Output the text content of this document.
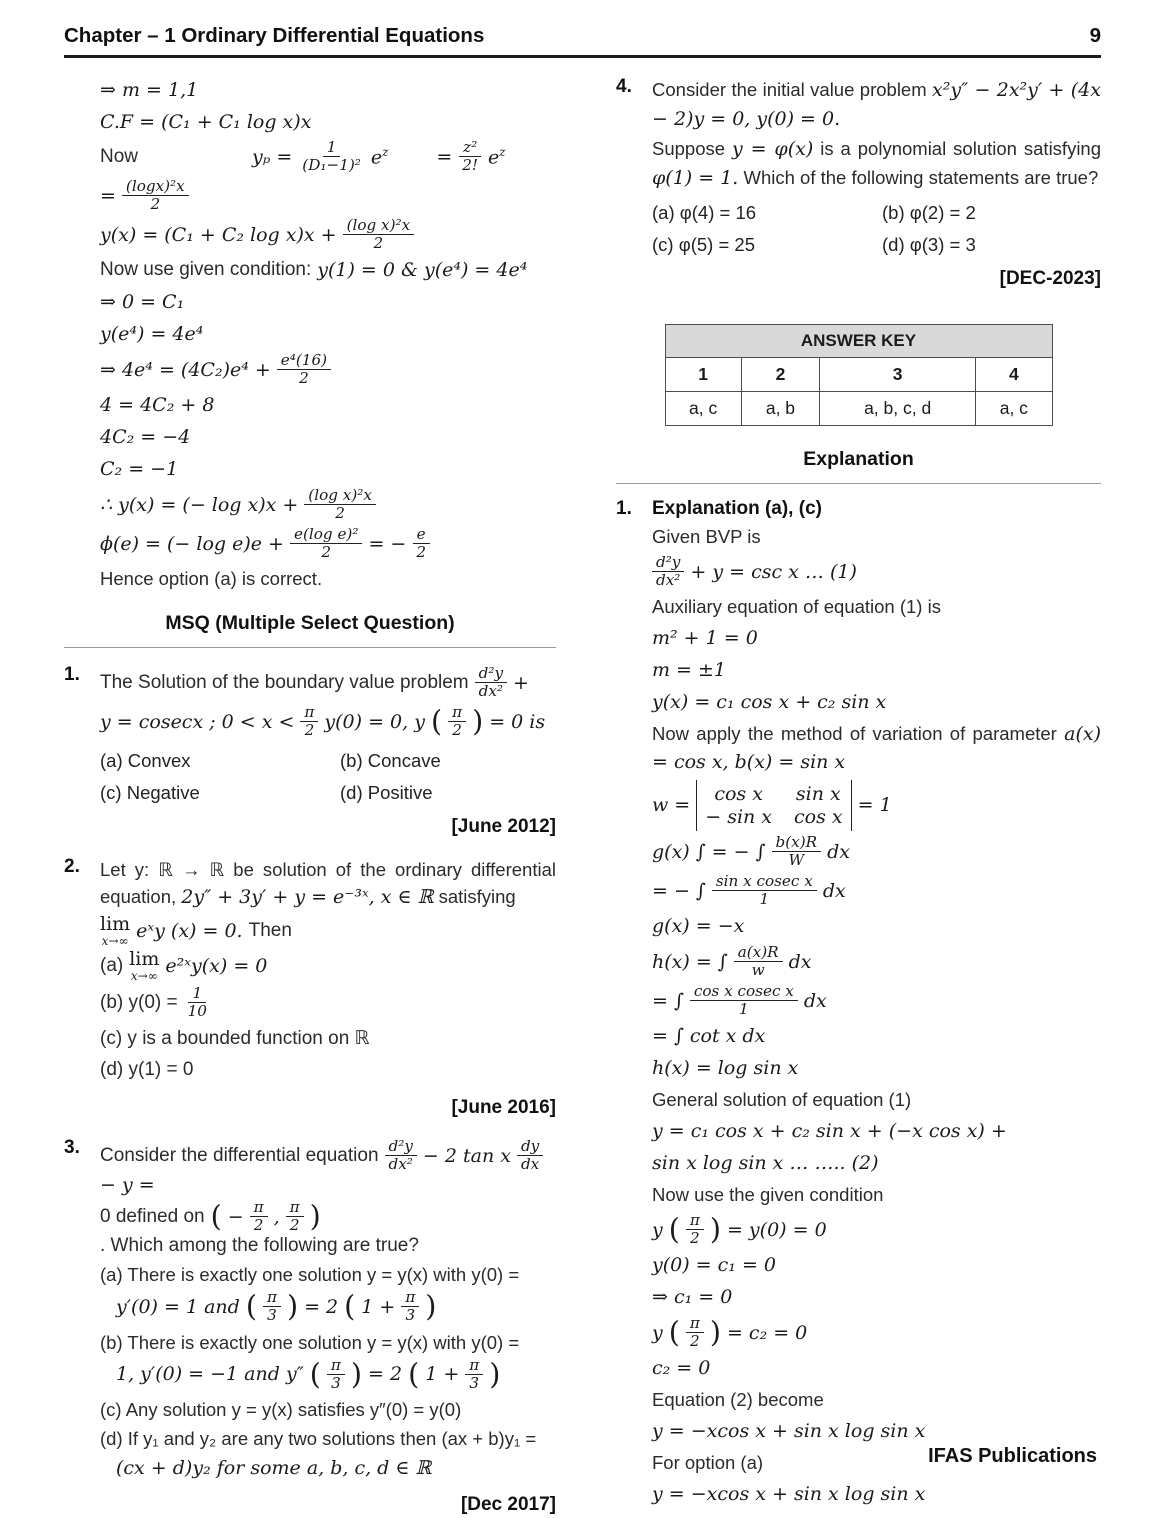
Chapter – 1 Ordinary Differential Equations	9
⇒ m = 1,1
C.F = (C₁ + C₁ log x)x
Now	$y_p = \frac{1}{\text{(D₁−1)²}} e^z$	= $\frac{\text{z²}}{2!} e^z$
= $\frac{\text{(logx)²x}}{2}$
y(x) = (C₁ + C₂ $\log x)x + \frac{\text{(log x)²x}}{2}$
Now use given condition: y(1) = 0 & y(e⁴) = 4e⁴
⇒ 0 = C₁
y(e⁴) = 4e⁴
⇒ $4e^4 = (4C_2)e^4 + \frac{\text{e⁴(16)}}{2}$
4 = 4C₂ + 8
4C₂ = −4
C₂ = −1
∴ y(x) = (− $\log x)x + \frac{\text{(log x)²x}}{2}$
ϕ(e) = (− $\log e)e + \frac{\text{e(log e)²}}{2}$ = − $\frac{e}{2}$
Hence option (a) is correct.
MSQ (Multiple Select Question)
1.	The Solution of the boundary value problem $\frac{\text{d²y}}{\text{dx²}}$ +
y = cosecx ; $0 < x < \frac{\pi}{2} y(0) = 0$, y ( $\frac{\pi}{2}$ ) = 0 is
(a) Convex	(b) Concave
(c) Negative	(d) Positive
[June 2012]
2.	Let y: ℝ → ℝ be solution of the ordinary differential equation, 2y″ + 3y′ + y = e⁻³ˣ, x ∈ ℝ satisfying

lim
x→∞ eˣy (x) = 0. Then
(a) lim
x→∞ e²ˣy(x) = 0
(b) $y(0) = \frac{1}{10}$
(c) y is a bounded function on ℝ
(d) y(1) = 0
[June 2016]
3.	Consider the differential equation $\frac{\text{d²y}}{\text{dx²}} - 2$ tan x $\frac{dy}{dx}$
− y =
0 defined on ( − $\frac{\pi}{2}$ , $\frac{\pi}{2}$ )
. Which among the following are true?
(a) There is exactly one solution y = y(x) with y(0) =
y′(0) = 1 and ( $\frac{\pi}{3}$ ) = 2 ( $1 + \frac{\pi}{3}$ )
(b) There is exactly one solution y = y(x) with y(0) =
1, y′(0) = −1 and y″ ( $\frac{\pi}{3}$ ) = 2 ( $1 + \frac{\pi}{3}$ )
(c) Any solution y = y(x) satisfies y″(0) = y(0)
(d) If y₁ and y₂ are any two solutions then (ax + b)y₁ =
(cx + d)y₂ for some a, b, c, d ∈ ℝ
[Dec 2017]
4.	Consider the initial value problem x²y″ − 2x²y′ + (4x − 2)y = 0, y(0) = 0.

Suppose y = φ(x) is a polynomial solution satisfying φ(1) = 1. Which of the following statements are true?

(a) φ(4) = 16	(b) φ(2) = 2
(c) φ(5) = 25	(d) φ(3) = 3
[DEC-2023]
ANSWER KEY			
1	2	3	4
a, c	a, b	a, b, c, d	a, c
Explanation
1.	Explanation (a), (c)
Given BVP is
$\frac{\text{d²y}}{\text{dx²}} + y = \csc x$ … (1)
Auxiliary equation of equation (1) is
m² + 1 = 0
m = ±1
y(x) = c₁ cos x + c₂ sin x

Now apply the method of variation of parameter a(x) = cos x, b(x) = sin x

w =
cos x	sin x
− sin x cos x
= 1
g(x) ∫ = − ∫ $\frac{b(x)R}{W}$ dx
= − ∫ $\frac{\text{sin x cosec x}}{1}$ dx
g(x) = −x
h(x) = ∫ $\frac{a(x)R}{w}$ dx
= ∫ $\frac{\text{cos x cosec x}}{1}$ dx
= ∫ cot x dx
h(x) = log sin x
General solution of equation (1)
y = c₁ cos x + c₂ sin x + (−x cos x) +
sin x log sin x … ….. (2)
Now use the given condition
y ( $\frac{\pi}{2}$ ) = y(0) = 0
y(0) = c₁ = 0
⇒ c₁ = 0
y ( $\frac{\pi}{2}$ ) = c₂ = 0
c₂ = 0
Equation (2) become
y = −xcos x + sin x log sin x
For option (a)
y = −xcos x + sin x log sin x
IFAS Publications
